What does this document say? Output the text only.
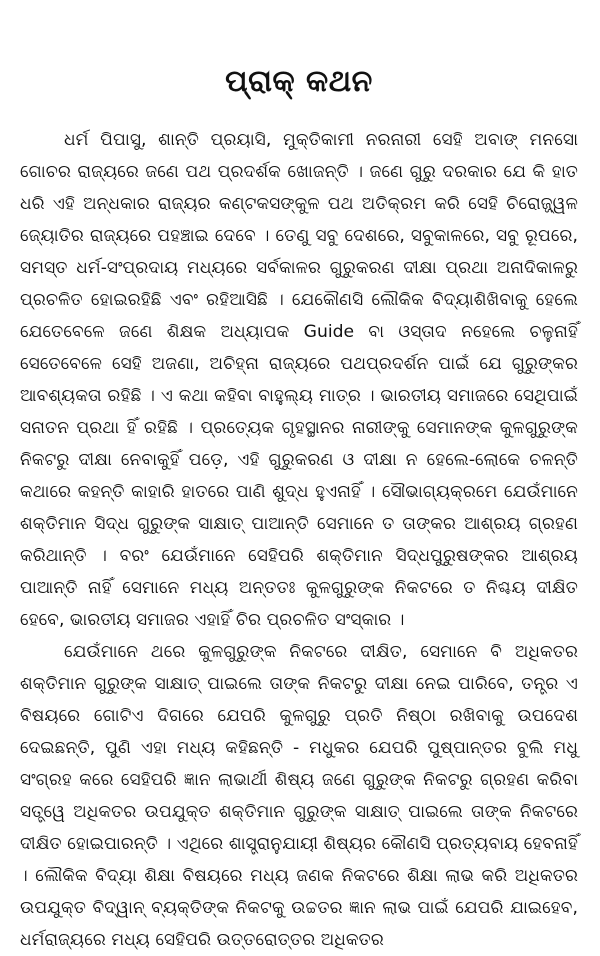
ପ୍ରାକ୍ କଥନ

ଧର୍ମ ପିପାସୁ, ଶାନ୍ତି ପ୍ରୟାସି, ମୁକ୍ତିକାମୀ ନରନାରୀ ସେହି ଅବାଙ୍ ମନସୋ ଗୋଚର ରାଜ୍ୟରେ ଜଣେ ପଥ ପ୍ରଦର୍ଶକ ଖୋଜନ୍ତି । ଜଣେ ଗୁରୁ ଦରକାର ଯେ କି ହାତ ଧରି ଏହି ଅନ୍ଧକାର ରାଜ୍ୟର କଣ୍ଟକସଙ୍କୁଳ ପଥ ଅତିକ୍ରମ କରି ସେହି ଚିରୋଜ୍ଜ୍ୱଳ ଜ୍ୟୋତିର ରାଜ୍ୟରେ ପହଞ୍ଚାଇ ଦେବେ । ତେଣୁ ସବୁ ଦେଶରେ, ସବୁକାଳରେ, ସବୁ ରୂପରେ, ସମସ୍ତ ଧର୍ମ-ସଂପ୍ରଦାୟ ମଧ୍ୟରେ ସର୍ବକାଳର ଗୁରୁକରଣ ଦୀକ୍ଷା ପ୍ରଥା ଅନାଦିକାଳରୁ ପ୍ରଚଳିତ ହୋଇରହିଛି ଏବଂ ରହିଆସିଛି । ଯେକୌଣସି ଲୌକିକ ବିଦ୍ୟାଶିଖିବାକୁ ହେଲେ ଯେତେବେଳେ ଜଣେ ଶିକ୍ଷକ ଅଧ୍ୟାପକ Guide ବା ଓସ୍ତାଦ ନହେଲେ ଚଳୁନାହିଁ ସେତେବେଳେ ସେହି ଅଜଣା, ଅଚିହ୍ନା ରାଜ୍ୟରେ ପଥପ୍ରଦର୍ଶନ ପାଇଁ ଯେ ଗୁରୁଙ୍କର ଆବଶ୍ୟକତା ରହିଛି । ଏ କଥା କହିବା ବାହୁଲ୍ୟ ମାତ୍ର । ଭାରତୀୟ ସମାଜରେ ସେଥିପାଇଁ ସନାତନ ପ୍ରଥା ହିଁ ରହିଛି । ପ୍ରତ୍ୟେକ ଗୃହସ୍ଥାନର ନାରୀଙ୍କୁ ସେମାନଙ୍କ କୁଳଗୁରୁଙ୍କ ନିକଟରୁ ଦୀକ୍ଷା ନେବାକୁହିଁ ପଡ଼େ, ଏହି ଗୁରୁକରଣ ଓ ଦୀକ୍ଷା ନ ହେଲେ-ଲୋକେ ଚଳନ୍ତି କଥାରେ କହନ୍ତି କାହାରି ହାତରେ ପାଣି ଶୁଦ୍ଧ ହୁଏନାହିଁ । ସୌଭାଗ୍ୟକ୍ରମେ ଯେଉଁମାନେ ଶକ୍ତିମାନ ସିଦ୍ଧ ଗୁରୁଙ୍କ ସାକ୍ଷାତ୍ ପାଆନ୍ତି ସେମାନେ ତ ତାଙ୍କର ଆଶ୍ରୟ ଗ୍ରହଣ କରିଥାନ୍ତି । ବରଂ ଯେଉଁମାନେ ସେହିପରି ଶକ୍ତିମାନ ସିଦ୍ଧପୁରୁଷଙ୍କର ଆଶ୍ରୟ ପାଆନ୍ତି ନାହିଁ ସେମାନେ ମଧ୍ୟ ଅନ୍ତତଃ କୁଳଗୁରୁଙ୍କ ନିକଟରେ ତ ନିଶ୍ଚୟ ଦୀକ୍ଷିତ ହେବେ, ଭାରତୀୟ ସମାଜର ଏହାହିଁ ଚିର ପ୍ରଚଳିତ ସଂସ୍କାର ।

ଯେଉଁମାନେ ଥରେ କୁଳଗୁରୁଙ୍କ ନିକଟରେ ଦୀକ୍ଷିତ, ସେମାନେ ବି ଅଧିକତର ଶକ୍ତିମାନ ଗୁରୁଙ୍କ ସାକ୍ଷାତ୍ ପାଇଲେ ତାଙ୍କ ନିକଟରୁ ଦୀକ୍ଷା ନେଇ ପାରିବେ, ତନ୍ତ୍ର ଏ ବିଷୟରେ ଗୋଟିଏ ଦିଗରେ ଯେପରି କୁଳଗୁରୁ ପ୍ରତି ନିଷ୍ଠା ରଖିବାକୁ ଉପଦେଶ ଦେଇଛନ୍ତି, ପୁଣି ଏହା ମଧ୍ୟ କହିଛନ୍ତି - ମଧୁକର ଯେପରି ପୁଷ୍ପାନ୍ତର ବୁଲି ମଧୁ ସଂଗ୍ରହ କରେ ସେହିପରି ଜ୍ଞାନ ଲାଭାର୍ଥୀ ଶିଷ୍ୟ ଜଣେ ଗୁରୁଙ୍କ ନିକଟରୁ ଗ୍ରହଣ କରିବା ସତ୍ତ୍ୱେ ଅଧିକତର ଉପଯୁକ୍ତ ଶକ୍ତିମାନ ଗୁରୁଙ୍କ ସାକ୍ଷାତ୍ ପାଇଲେ ତାଙ୍କ ନିକଟରେ ଦୀକ୍ଷିତ ହୋଇପାରନ୍ତି । ଏଥିରେ ଶାସ୍ତ୍ରାନୁଯାୟୀ ଶିଷ୍ୟର କୌଣସି ପ୍ରତ୍ୟବାୟ ହେବନାହିଁ । ଲୌକିକ ବିଦ୍ୟା ଶିକ୍ଷା ବିଷୟରେ ମଧ୍ୟ ଜଣକ ନିକଟରେ ଶିକ୍ଷା ଲାଭ କରି ଅଧିକତର ଉପଯୁକ୍ତ ବିଦ୍ୱାନ୍ ବ୍ୟକ୍ତିଙ୍କ ନିକଟକୁ ଉଚ୍ଚତର ଜ୍ଞାନ ଲାଭ ପାଇଁ ଯେପରି ଯାଇହେବ, ଧର୍ମରାଜ୍ୟରେ ମଧ୍ୟ ସେହିପରି ଉତ୍ତରୋତ୍ତର ଅଧିକତର
